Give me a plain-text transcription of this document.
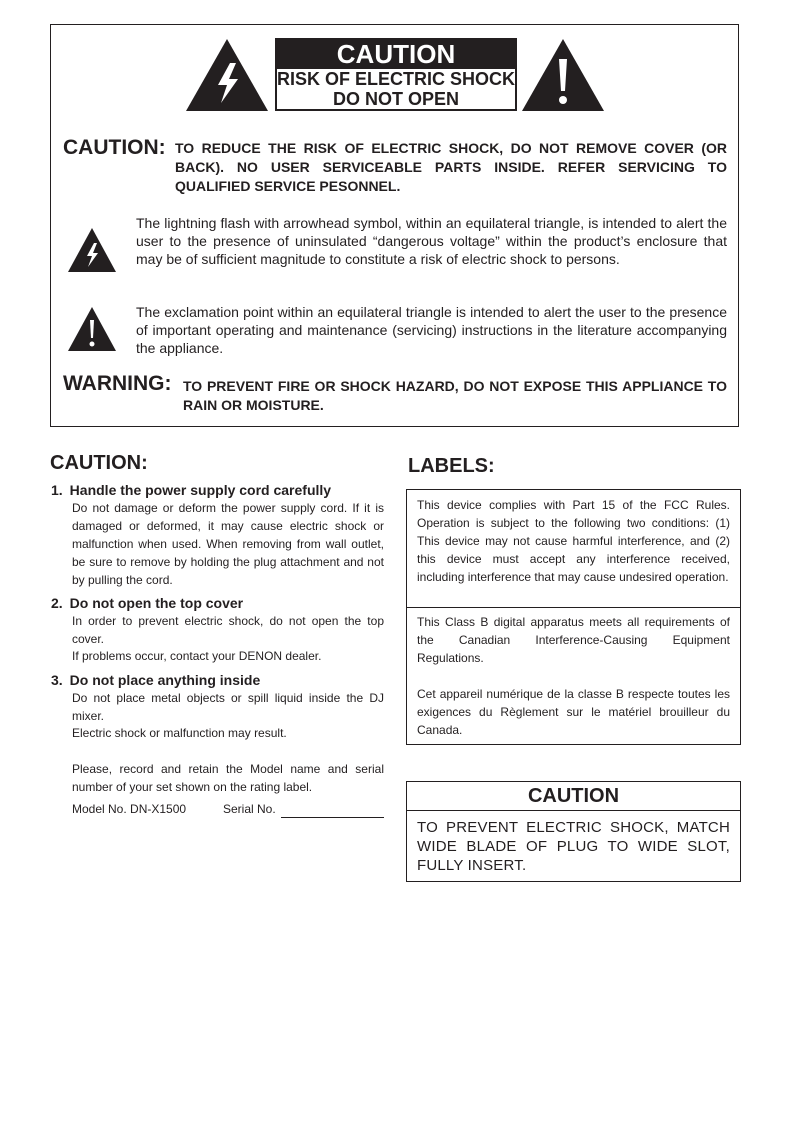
CAUTION
RISK OF ELECTRIC SHOCK
DO NOT OPEN
CAUTION: TO REDUCE THE RISK OF ELECTRIC SHOCK, DO NOT REMOVE COVER (OR BACK). NO USER SERVICEABLE PARTS INSIDE. REFER SERVICING TO QUALIFIED SERVICE PESONNEL.
The lightning flash with arrowhead symbol, within an equilateral triangle, is intended to alert the user to the presence of uninsulated “dangerous voltage” within the product’s enclosure that may be of sufficient magnitude to constitute a risk of electric shock to persons.
The exclamation point within an equilateral triangle is intended to alert the user to the presence of important operating and maintenance (servicing) instructions in the literature accompanying the appliance.
WARNING: TO PREVENT FIRE OR SHOCK HAZARD, DO NOT EXPOSE THIS APPLIANCE TO RAIN OR MOISTURE.
CAUTION:
1. Handle the power supply cord carefully
Do not damage or deform the power supply cord. If it is damaged or deformed, it may cause electric shock or malfunction when used. When removing from wall outlet, be sure to remove by holding the plug attachment and not by pulling the cord.
2. Do not open the top cover
In order to prevent electric shock, do not open the top cover.
If problems occur, contact your DENON dealer.
3. Do not place anything inside
Do not place metal objects or spill liquid inside the DJ mixer.
Electric shock or malfunction may result.
Please, record and retain the Model name and serial number of your set shown on the rating label.
Model No. DN-X1500	Serial No.
LABELS:
This device complies with Part 15 of the FCC Rules. Operation is subject to the following two conditions: (1) This device may not cause harmful interference, and (2) this device must accept any interference received, including interference that may cause undesired operation.
This Class B digital apparatus meets all requirements of the Canadian Interference-Causing Equipment Regulations.
Cet appareil numérique de la classe B respecte toutes les exigences du Règlement sur le matériel brouilleur du Canada.
CAUTION
TO PREVENT ELECTRIC SHOCK, MATCH WIDE BLADE OF PLUG TO WIDE SLOT, FULLY INSERT.
